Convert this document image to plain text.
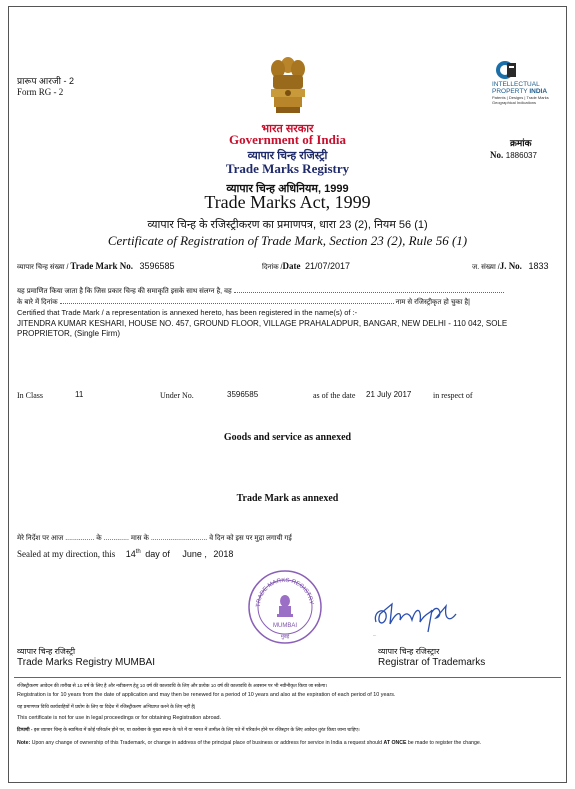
प्रारूप आरजी - 2
Form RG - 2
भारत सरकार
Government of India
व्यापार चिन्ह रजिस्ट्री
Trade Marks Registry
व्यापार चिन्ह अधिनियम, 1999
Trade Marks Act, 1999
व्यापार चिन्ह के रजिस्ट्रीकरण का प्रमाणपत्र, धारा 23 (2), नियम 56 (1)
Certificate of Registration of Trade Mark, Section 23 (2), Rule 56 (1)
INTELLECTUAL
PROPERTY INDIA
Patents | Designs | Trade Marks
Geographical Indications
क्रमांक
No. 1886037
व्यापार चिन्ह संख्या / Trade Mark No. 3596585	दिनांक /Date 21/07/2017	ज. संख्या /J. No. 1833
यह प्रमाणित किया जाता है कि जिस प्रकार चिन्ह की समाकृति इसके साथ संलग्न है, वह
के बारे में दिनांक	नाम से रजिस्ट्रीकृत हो चुका है|
Certified that Trade Mark / a representation is annexed hereto, has been registered in the name(s) of :-
JITENDRA KUMAR KESHARI, HOUSE NO. 457, GROUND FLOOR, VILLAGE PRAHALADPUR, BANGAR, NEW DELHI - 110 042, SOLE PROPRIETOR, (Single Firm)
In Class	11	Under No.	3596585	as of the date 21 July 2017	in respect of
Goods and service as annexed
Trade Mark as annexed
मेरे निर्देश पर आज ............... के ............. मास के ............................. वे दिन को इस पर मुद्रा लगायी गई
Sealed at my direction, this 14th day of June , 2018
TRADE MARKS REGISTRY
MUMBAI
मुंबई	Otsujhi
व्यापार चिन्ह रजिस्ट्री
Trade Marks Registry MUMBAI
व्यापार चिन्ह रजिस्ट्रार
Registrar of Trademarks
रजिस्ट्रीकरण आवेदन की तारीख से 10 वर्ष के लिए है और नवीकरण हेतु 10 वर्ष की कालावधि के लिए और प्रत्येक 10 वर्ष की कालावधि के अवसान पर भी नवीनीकृत किया जा सकेगा।
Registration is for 10 years from the date of application and may then be renewed for a period of 10 years and also at the expiration of each period of 10 years.
यह प्रमाणपत्र विधि कार्यवाहियों में प्रयोग के लिए या विदेश में रजिस्ट्रीकरण अभिप्राप्त करने के लिए नहीं है|
This certificate is not for use in legal proceedings or for obtaining Registration abroad.
टिप्पणी - इस व्यापार चिन्ह के स्वामित्व में कोई परिवर्तन होने पर, या कारोबार के मुख्य स्थान के पते में या भारत में तामील के लिए पते में परिवर्तन होने पर रजिस्ट्रार के लिए आवेदन तुरंत किया जाना चाहिए।
Note: Upon any change of ownership of this Trademark, or change in address of the principal place of business or address for service in India a request should AT ONCE be made to register the change.
